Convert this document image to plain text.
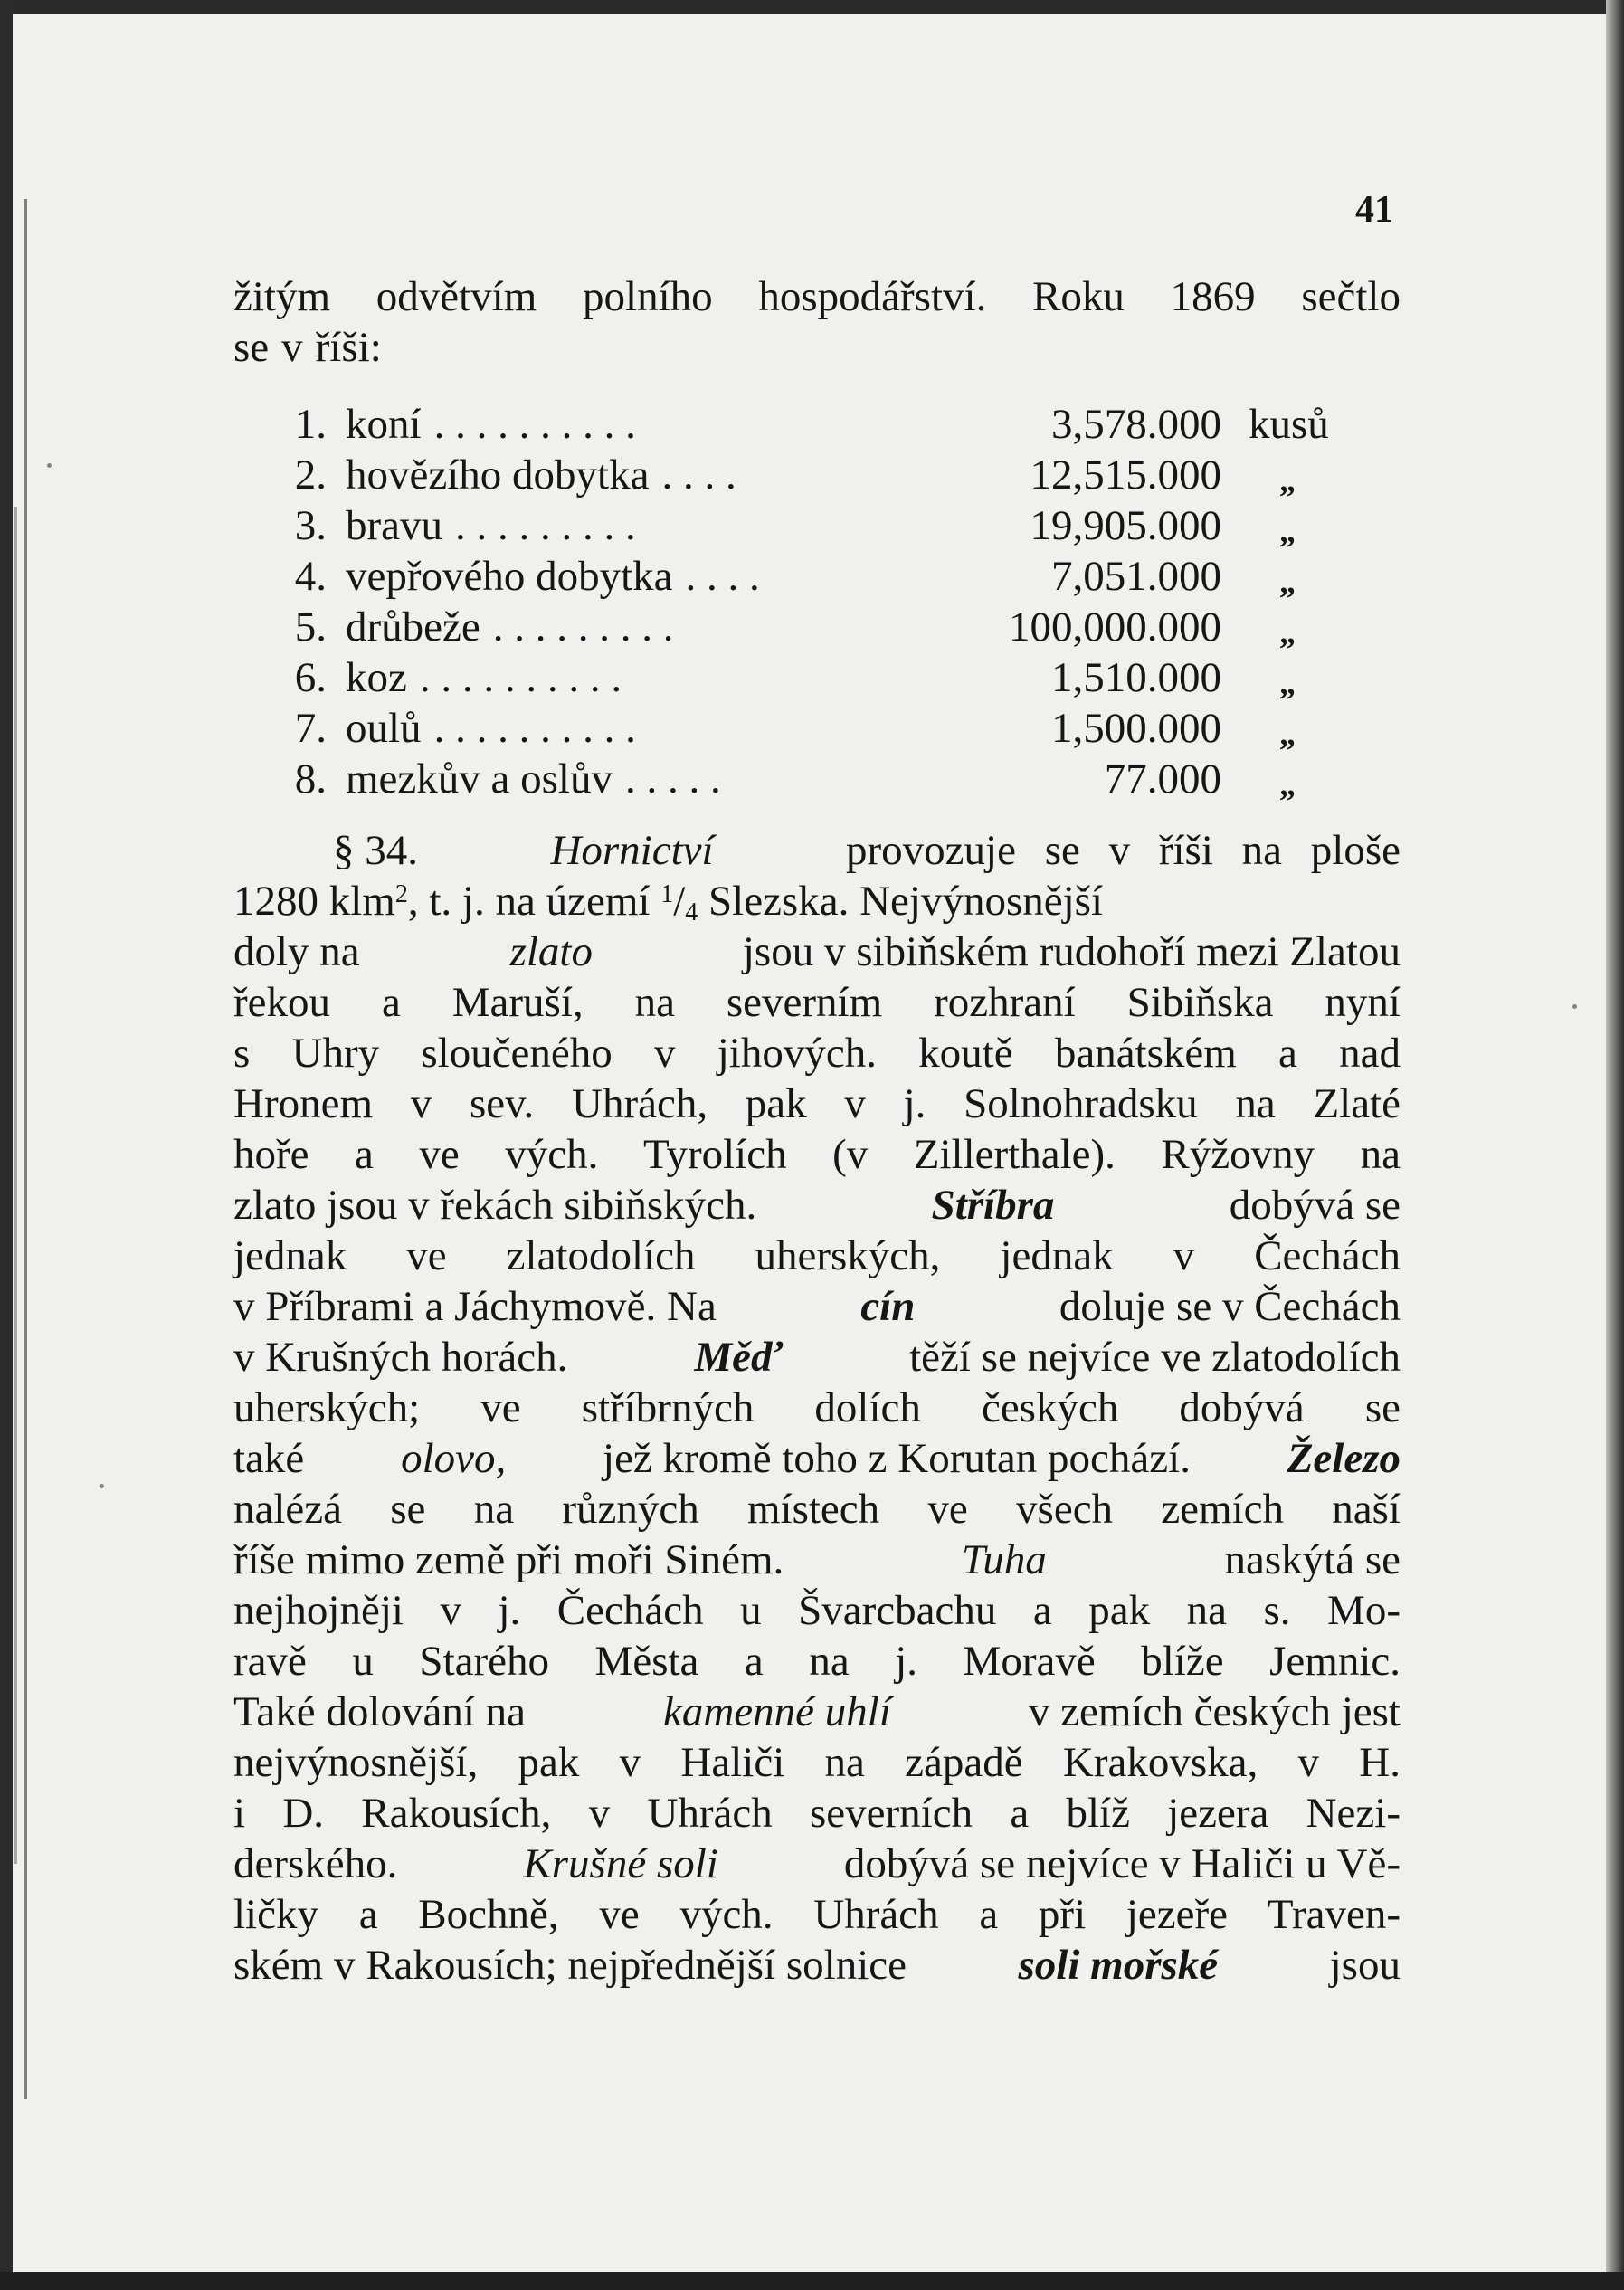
41
žitým odvětvím polního hospodářství. Roku 1869 sečtlo
se v říši:
1. koní . . . . . . . . . .	3,578.000 kusů
2. hovězího dobytka . . . .	12,515.000 „
3. bravu . . . . . . . . .	19,905.000 „
4. vepřového dobytka . . . .	7,051.000 „
5. drůbeže . . . . . . . . .	100,000.000 „
6. koz . . . . . . . . . .	1,510.000 „
7. oulů . . . . . . . . . .	1,500.000 „
8. mezkův a oslův . . . . .	77.000 „
§ 34.	Hornictví	provozuje se v říši na ploše
1280 klm$^2$, t. j. na území $^1/_4$ Slezska. Nejvýnosnější
doly na	zlato	jsou v sibiňském rudohoří mezi Zlatou
řekou a Maruší, na severním rozhraní Sibiňska nyní
s Uhry sloučeného v jihových. koutě banátském a nad
Hronem v sev. Uhrách, pak v j. Solnohradsku na Zlaté
hoře a ve vých. Tyrolích (v Zillerthale). Rýžovny na
zlato jsou v řekách sibiňských.	Stříbra	dobývá se
jednak ve zlatodolích uherských, jednak v Čechách
v Příbrami a Jáchymově. Na	cín	doluje se v Čechách
v Krušných horách.	Měď	těží se nejvíce ve zlatodolích
uherských; ve stříbrných dolích českých dobývá se
také olovo, jež kromě toho z Korutan pochází. Železo
nalézá se na různých místech ve všech zemích naší
říše mimo země při moři Siném.	Tuha	naskýtá se
nejhojněji v j. Čechách u Švarcbachu a pak na s. Mo-
ravě u Starého Města a na j. Moravě blíže Jemnic.
Také dolování na	kamenné uhlí	v zemích českých jest
nejvýnosnější, pak v Haliči na západě Krakovska, v H.
i D. Rakousích, v Uhrách severních a blíž jezera Nezi-
derského.	Krušné soli	dobývá se nejvíce v Haliči u Vě-
ličky a Bochně, ve vých. Uhrách a při jezeře Traven-
ském v Rakousích; nejpřednější solnice	soli mořské	jsou
